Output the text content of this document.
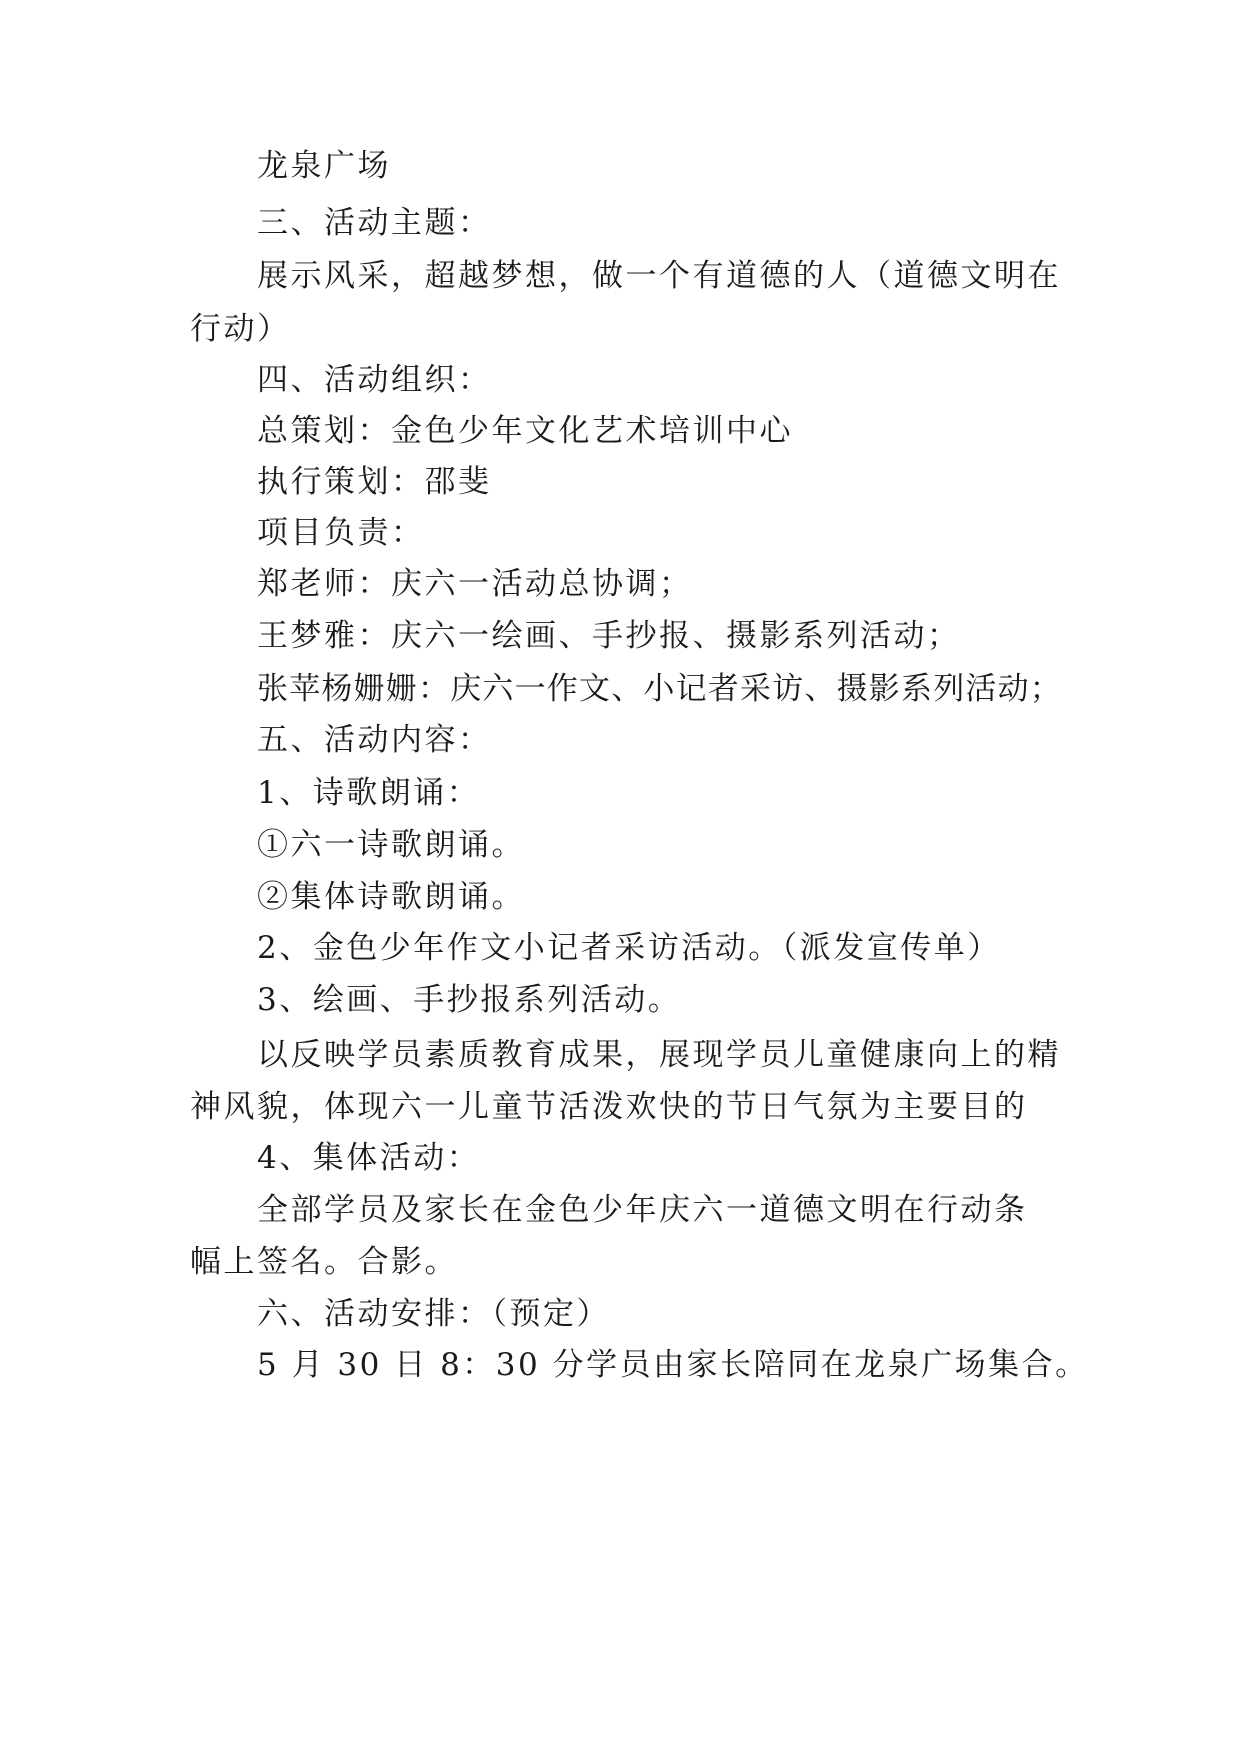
龙泉广场
三、活动主题：
展示风采，超越梦想，做一个有道德的人（道德文明在
行动）
四、活动组织：
总策划：金色少年文化艺术培训中心
执行策划：邵斐
项目负责：
郑老师：庆六一活动总协调；
王梦雅：庆六一绘画、手抄报、摄影系列活动；
张苹杨姗姗：庆六一作文、小记者采访、摄影系列活动；
五、活动内容：
1、诗歌朗诵：
①六一诗歌朗诵。
②集体诗歌朗诵。
2、金色少年作文小记者采访活动。（派发宣传单）
3、绘画、手抄报系列活动。
以反映学员素质教育成果，展现学员儿童健康向上的精
神风貌，体现六一儿童节活泼欢快的节日气氛为主要目的
4、集体活动：
全部学员及家长在金色少年庆六一道德文明在行动条
幅上签名。合影。
六、活动安排：（预定）
5 月 30 日 8：30 分学员由家长陪同在龙泉广场集合。
